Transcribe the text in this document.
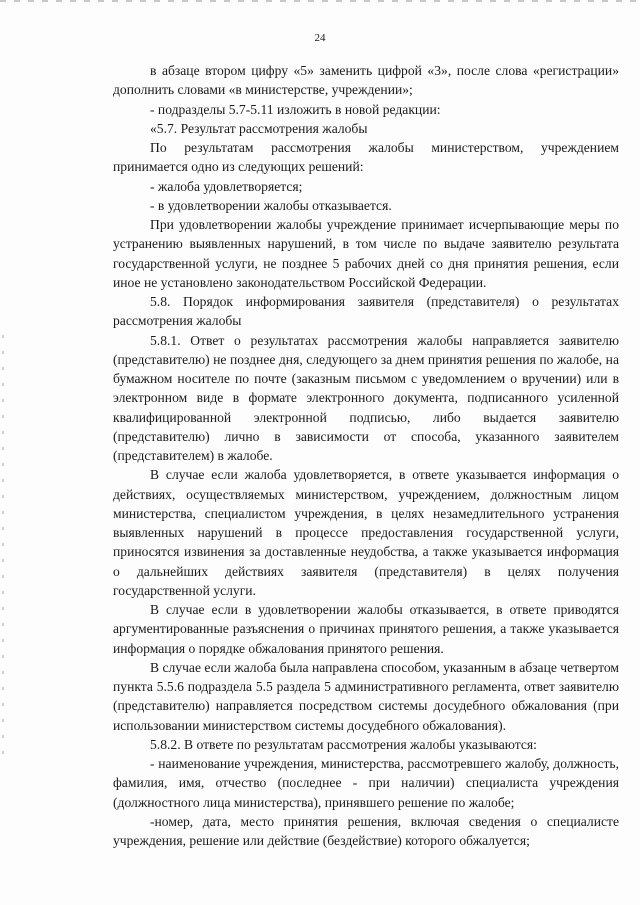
24

в абзаце втором цифру «5» заменить цифрой «3», после слова «регистрации» дополнить словами «в министерстве, учреждении»;

- подразделы 5.7-5.11 изложить в новой редакции:

«5.7. Результат рассмотрения жалобы

По результатам рассмотрения жалобы министерством, учреждением принимается одно из следующих решений:

- жалоба удовлетворяется;

- в удовлетворении жалобы отказывается.

При удовлетворении жалобы учреждение принимает исчерпывающие меры по устранению выявленных нарушений, в том числе по выдаче заявителю результата государственной услуги, не позднее 5 рабочих дней со дня принятия решения, если иное не установлено законодательством Российской Федерации.

5.8. Порядок информирования заявителя (представителя) о результатах рассмотрения жалобы

5.8.1. Ответ о результатах рассмотрения жалобы направляется заявителю (представителю) не позднее дня, следующего за днем принятия решения по жалобе, на бумажном носителе по почте (заказным письмом с уведомлением о вручении) или в электронном виде в формате электронного документа, подписанного усиленной квалифицированной электронной подписью, либо выдается заявителю (представителю) лично в зависимости от способа, указанного заявителем (представителем) в жалобе.

В случае если жалоба удовлетворяется, в ответе указывается информация о действиях, осуществляемых министерством, учреждением, должностным лицом министерства, специалистом учреждения, в целях незамедлительного устранения выявленных нарушений в процессе предоставления государственной услуги, приносятся извинения за доставленные неудобства, а также указывается информация о дальнейших действиях заявителя (представителя) в целях получения государственной услуги.

В случае если в удовлетворении жалобы отказывается, в ответе приводятся аргументированные разъяснения о причинах принятого решения, а также указывается информация о порядке обжалования принятого решения.

В случае если жалоба была направлена способом, указанным в абзаце четвертом пункта 5.5.6 подраздела 5.5 раздела 5 административного регламента, ответ заявителю (представителю) направляется посредством системы досудебного обжалования (при использовании министерством системы досудебного обжалования).

5.8.2. В ответе по результатам рассмотрения жалобы указываются:

- наименование учреждения, министерства, рассмотревшего жалобу, должность, фамилия, имя, отчество (последнее - при наличии) специалиста учреждения (должностного лица министерства), принявшего решение по жалобе;

-номер, дата, место принятия решения, включая сведения о специалисте учреждения, решение или действие (бездействие) которого обжалуется;
